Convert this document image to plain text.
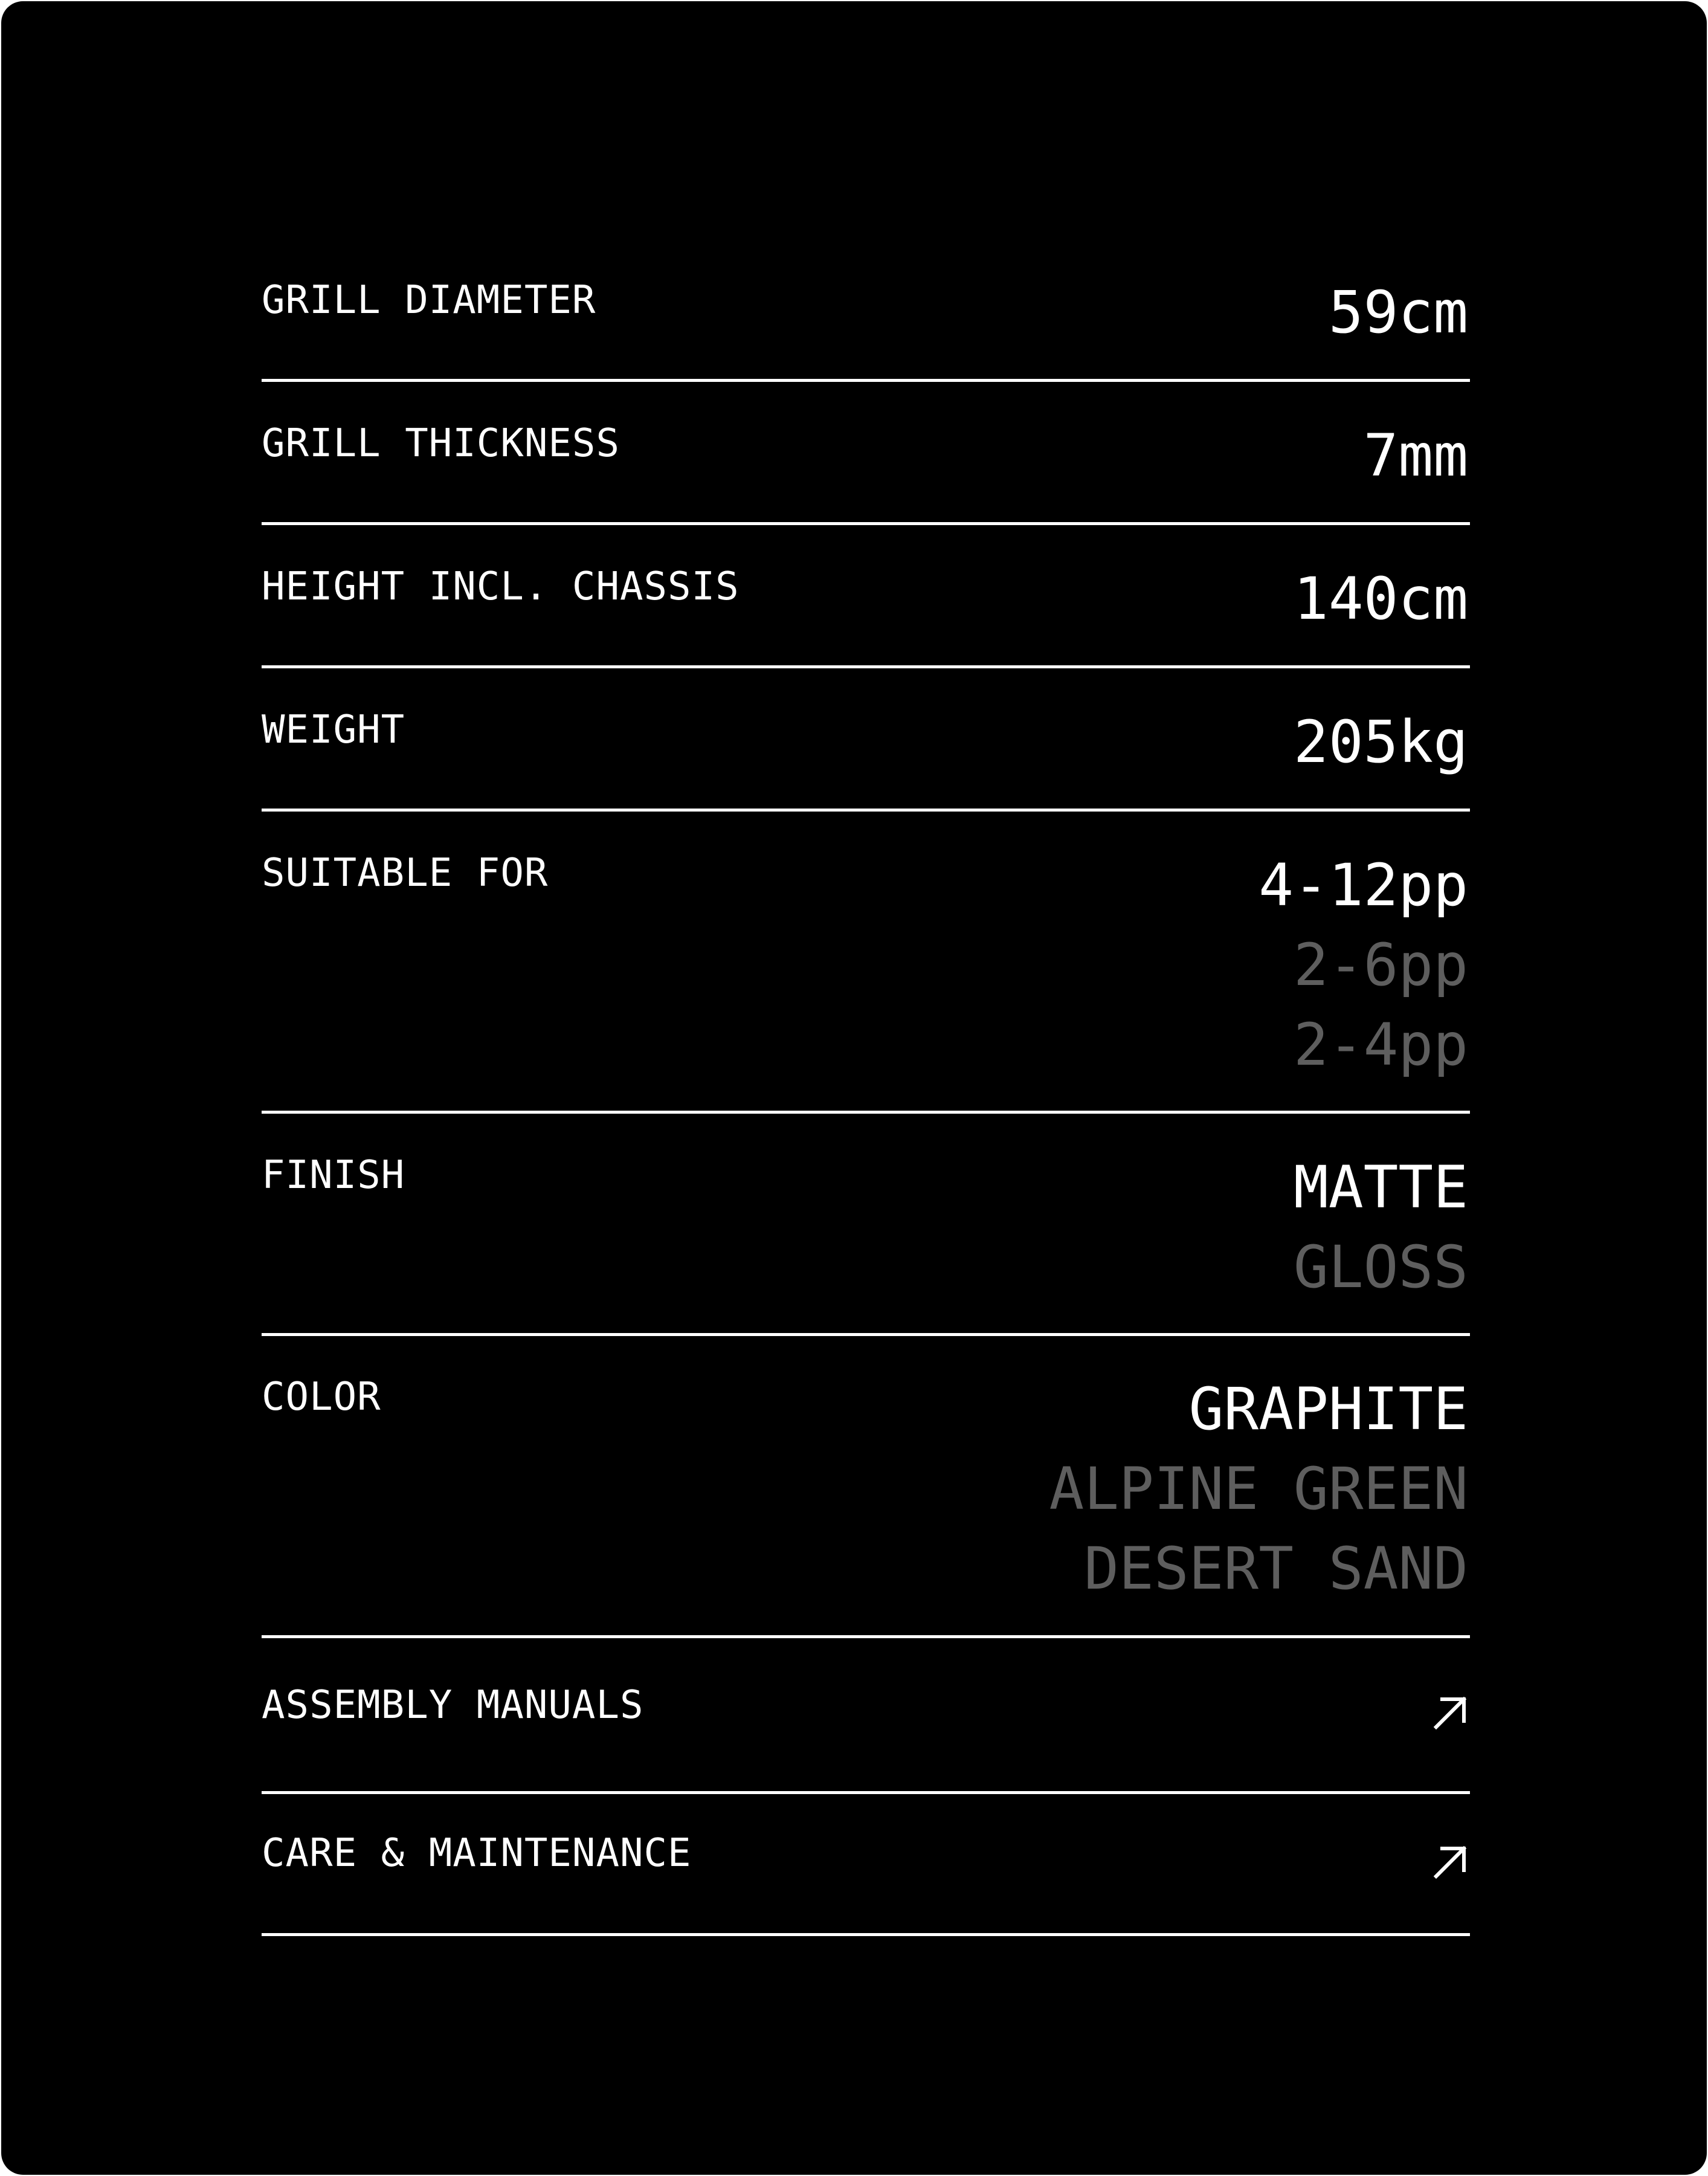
GRILL DIAMETER	59cm
GRILL THICKNESS	7mm
HEIGHT INCL. CHASSIS	140cm
WEIGHT	205kg
SUITABLE FOR	4-12pp
2-6pp
2-4pp
FINISH	MATTE
GLOSS
COLOR	GRAPHITE
ALPINE GREEN
DESERT SAND
ASSEMBLY MANUALS
CARE & MAINTENANCE
